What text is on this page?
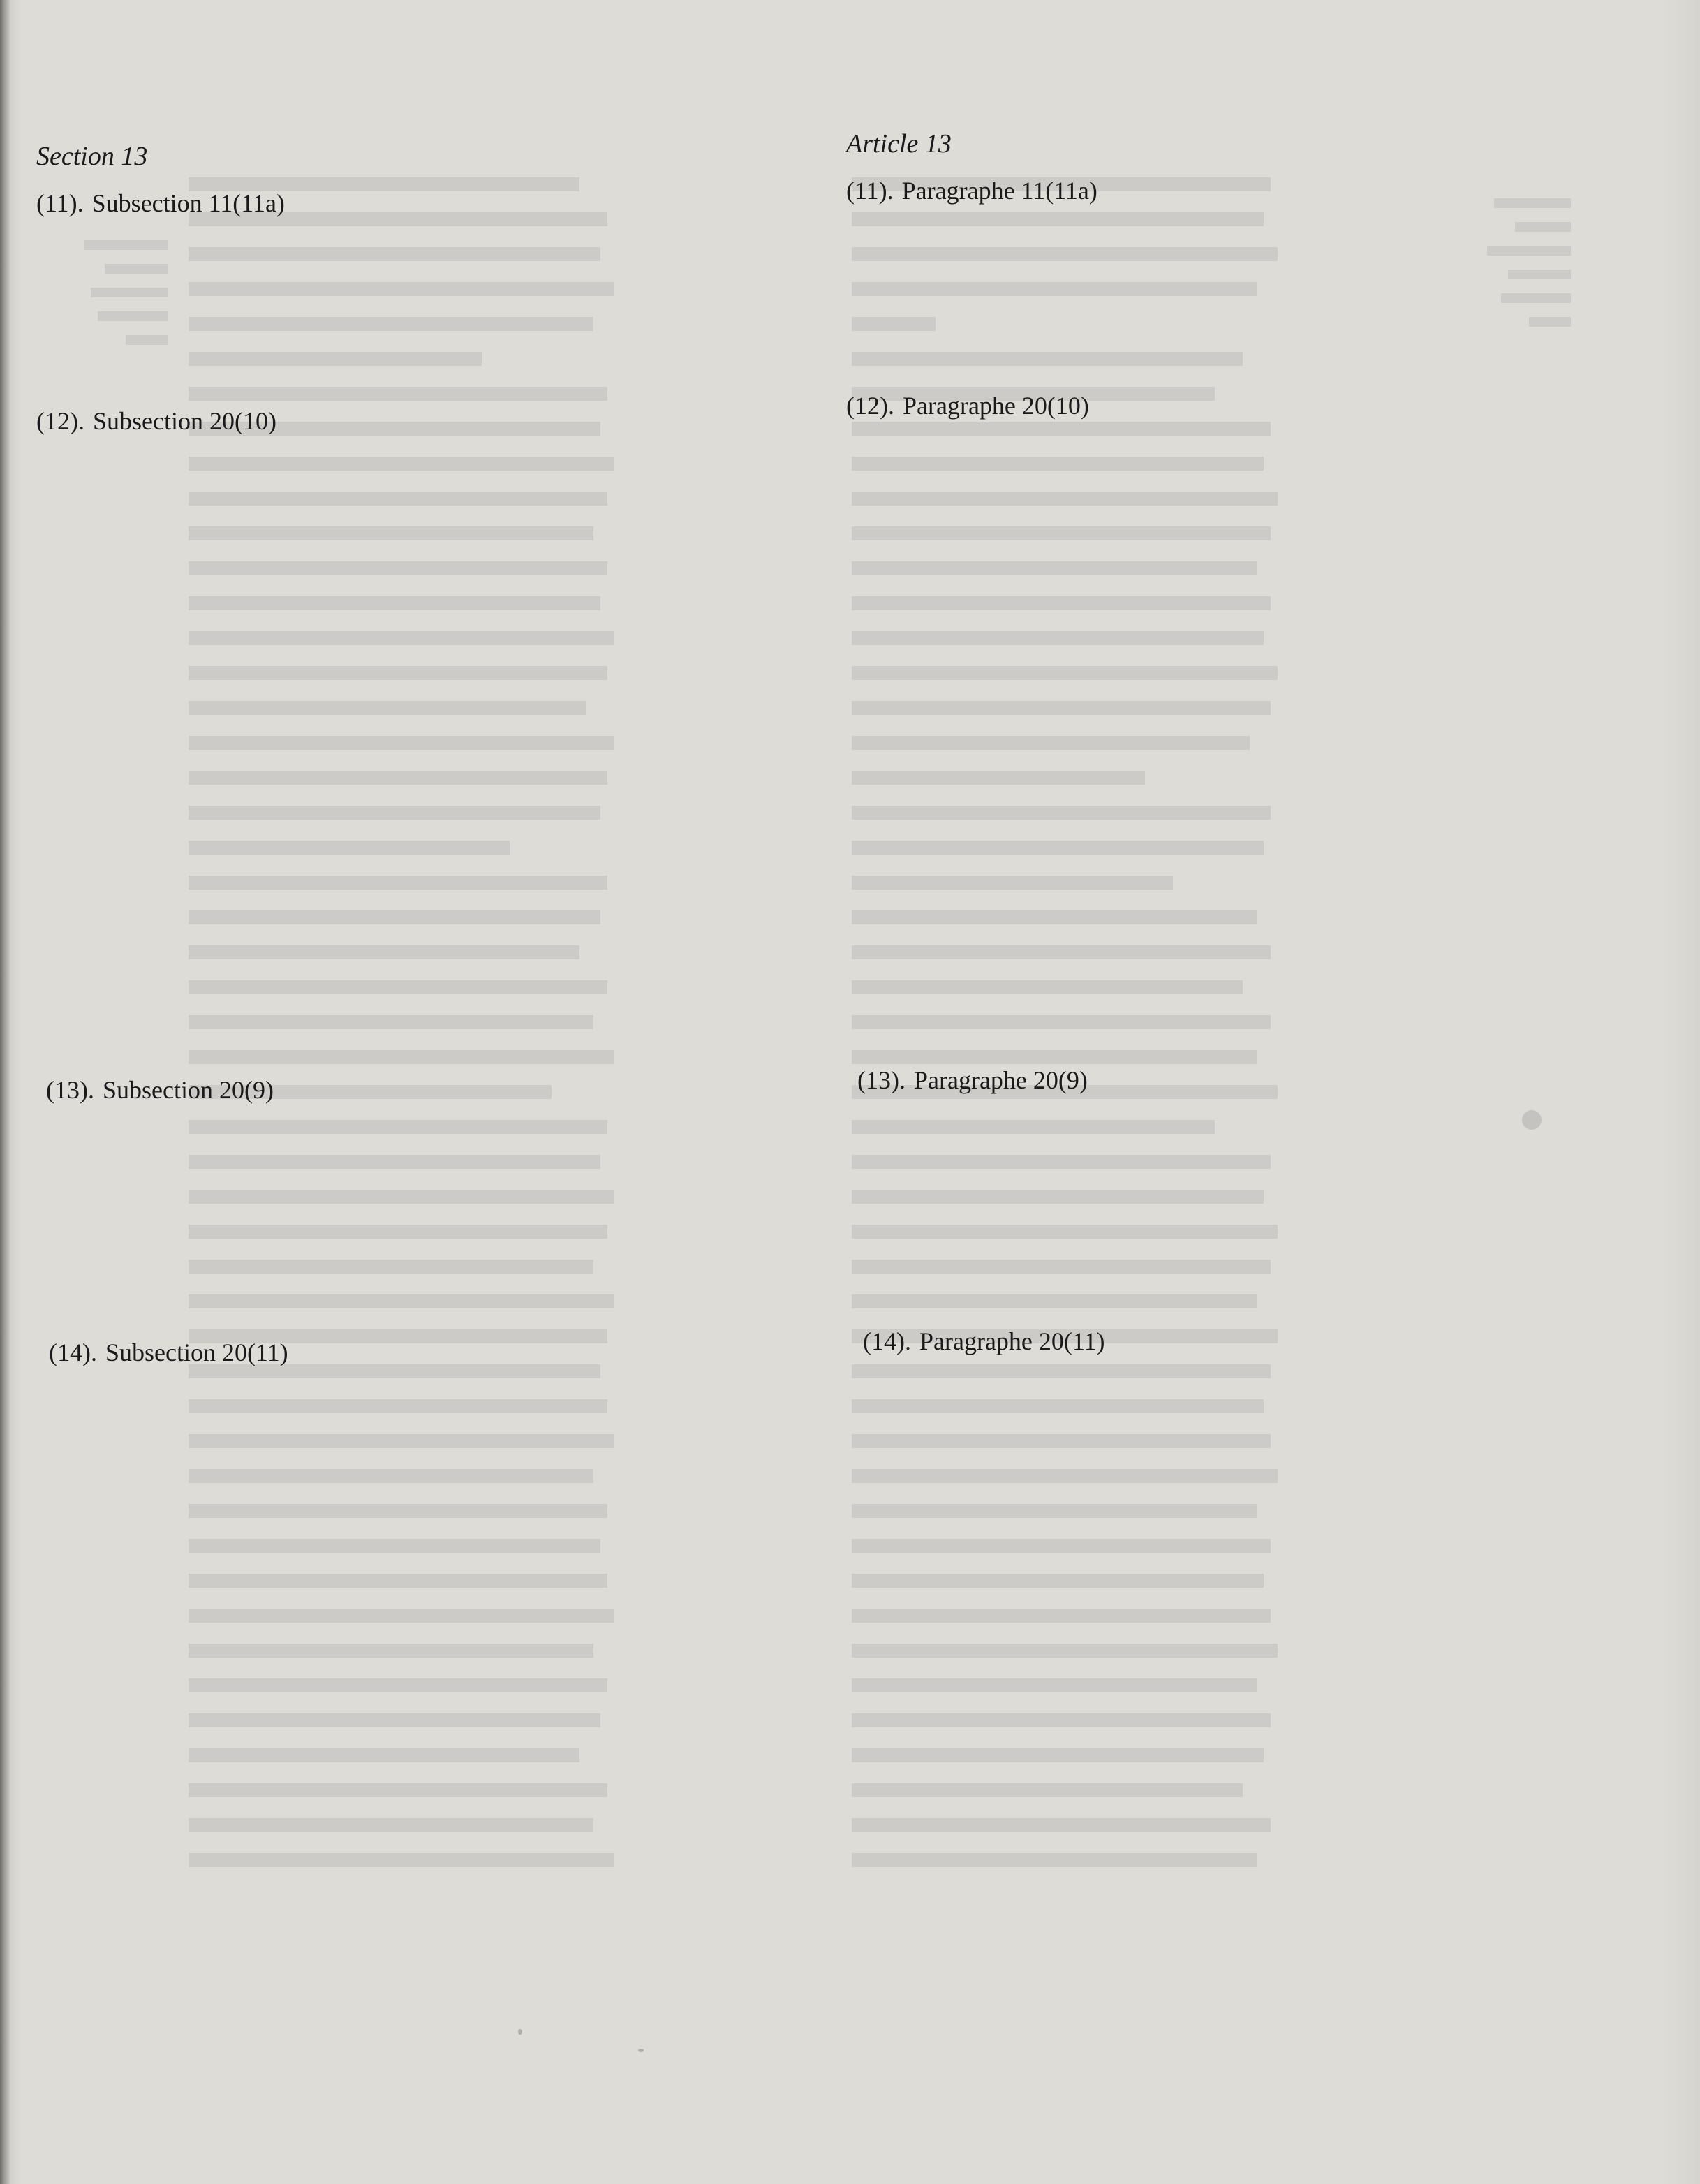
Section 13
(11). Subsection 11(11a)
(12). Subsection 20(10)
(13). Subsection 20(9)
(14). Subsection 20(11)
Article 13
(11). Paragraphe 11(11a)
(12). Paragraphe 20(10)
(13). Paragraphe 20(9)
(14). Paragraphe 20(11)
